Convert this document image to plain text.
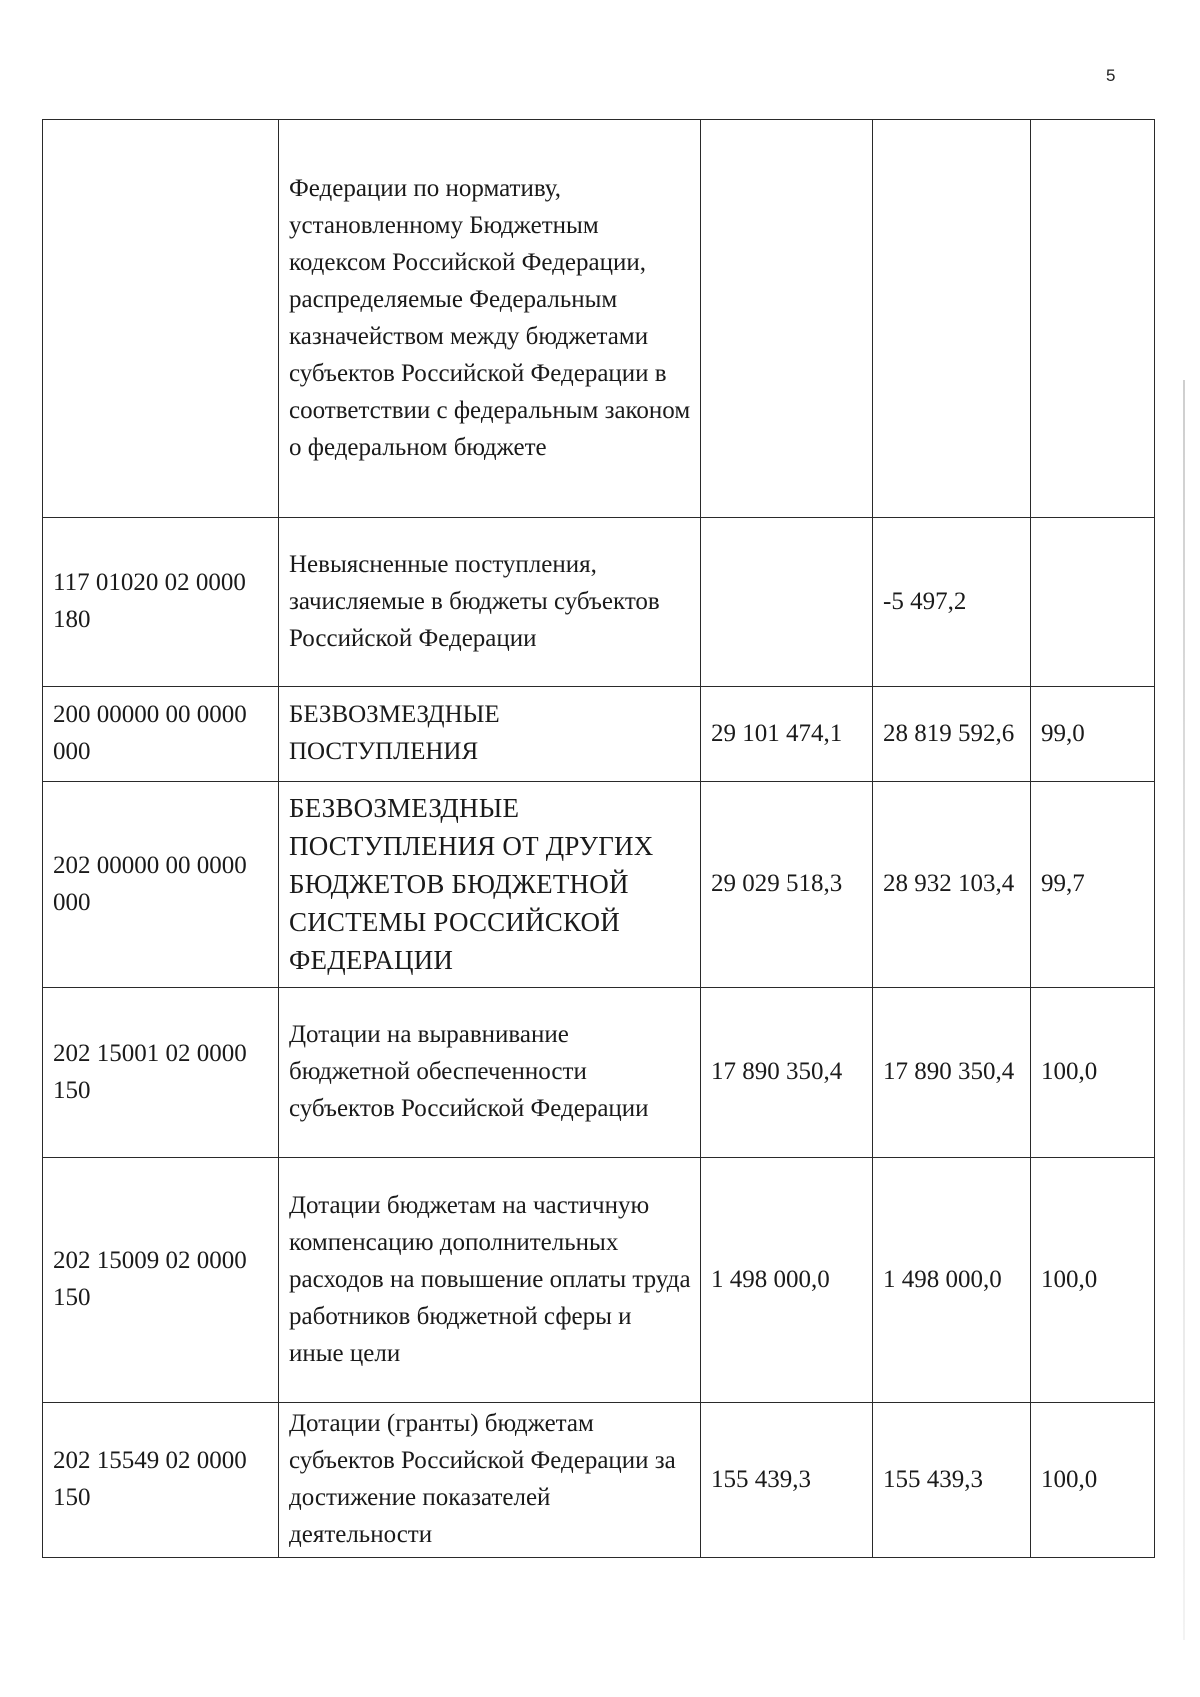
5
	Федерации по нормативу, установленному Бюджетным кодексом Российской Федерации, распределяемые Федеральным казначейством между бюджетами субъектов Российской Федерации в соответствии с федеральным законом о федеральном бюджете			
117 01020 02 0000 180	Невыясненные поступления, зачисляемые в бюджеты субъектов Российской Федерации		-5 497,2	
200 00000 00 0000 000	БЕЗВОЗМЕЗДНЫЕ ПОСТУПЛЕНИЯ	29 101 474,1	28 819 592,6	99,0
202 00000 00 0000 000	БЕЗВОЗМЕЗДНЫЕ ПОСТУПЛЕНИЯ ОТ ДРУГИХ БЮДЖЕТОВ БЮДЖЕТНОЙ СИСТЕМЫ РОССИЙСКОЙ ФЕДЕРАЦИИ	29 029 518,3	28 932 103,4	99,7
202 15001 02 0000 150	Дотации на выравнивание бюджетной обеспеченности субъектов Российской Федерации	17 890 350,4	17 890 350,4	100,0
202 15009 02 0000 150	Дотации бюджетам на частичную компенсацию дополнительных расходов на повышение оплаты труда работников бюджетной сферы и иные цели	1 498 000,0	1 498 000,0	100,0
202 15549 02 0000 150	Дотации (гранты) бюджетам субъектов Российской Федерации за достижение показателей деятельности	155 439,3	155 439,3	100,0
